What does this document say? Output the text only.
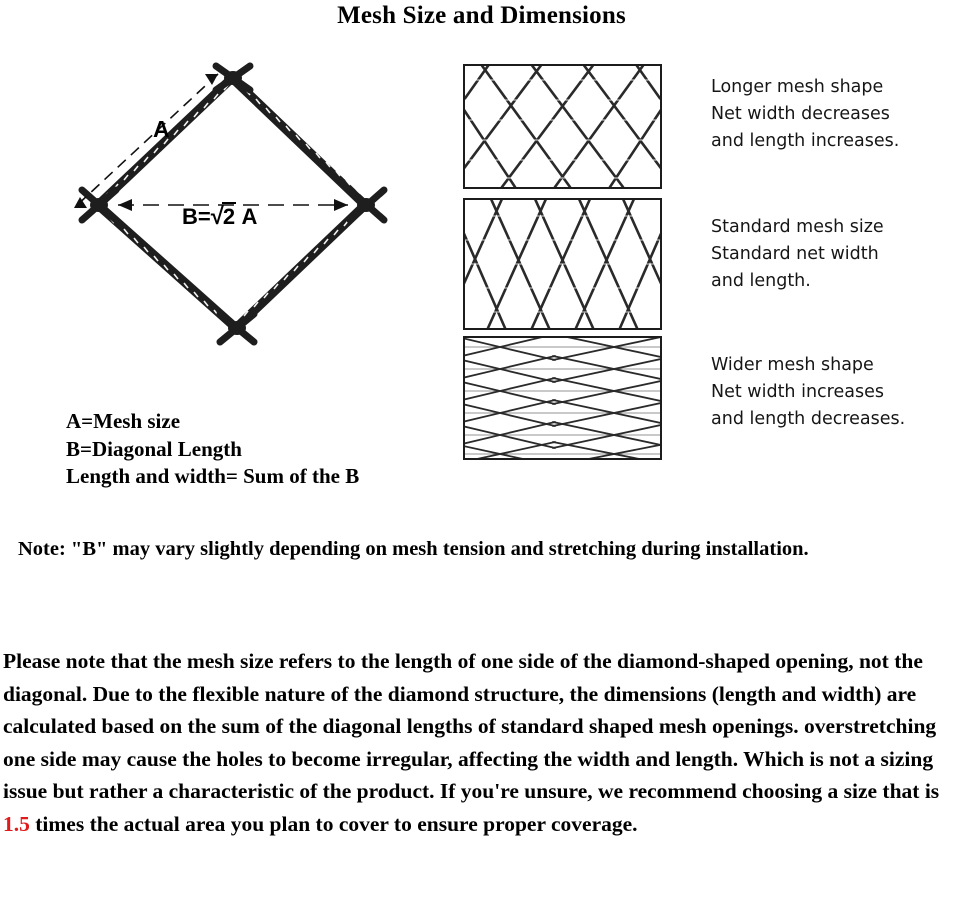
Mesh Size and Dimensions
A
B=√2 A
A=Mesh size
B=Diagonal Length
Length and width= Sum of the B
Longer mesh shape
Net width decreases
and length increases.
Standard mesh size
Standard net width
and length.
Wider mesh shape
Net width increases
and length decreases.
Note: "B" may vary slightly depending on mesh tension and stretching during installation.
Please note that the mesh size refers to the length of one side of the diamond-shaped opening, not the diagonal. Due to the flexible nature of the diamond structure, the dimensions (length and width) are calculated based on the sum of the diagonal lengths of standard shaped mesh openings. overstretching one side may cause the holes to become irregular, affecting the width and length. Which is not a sizing issue but rather a characteristic of the product. If you're unsure, we recommend choosing a size that is 1.5 times the actual area you plan to cover to ensure proper coverage.
